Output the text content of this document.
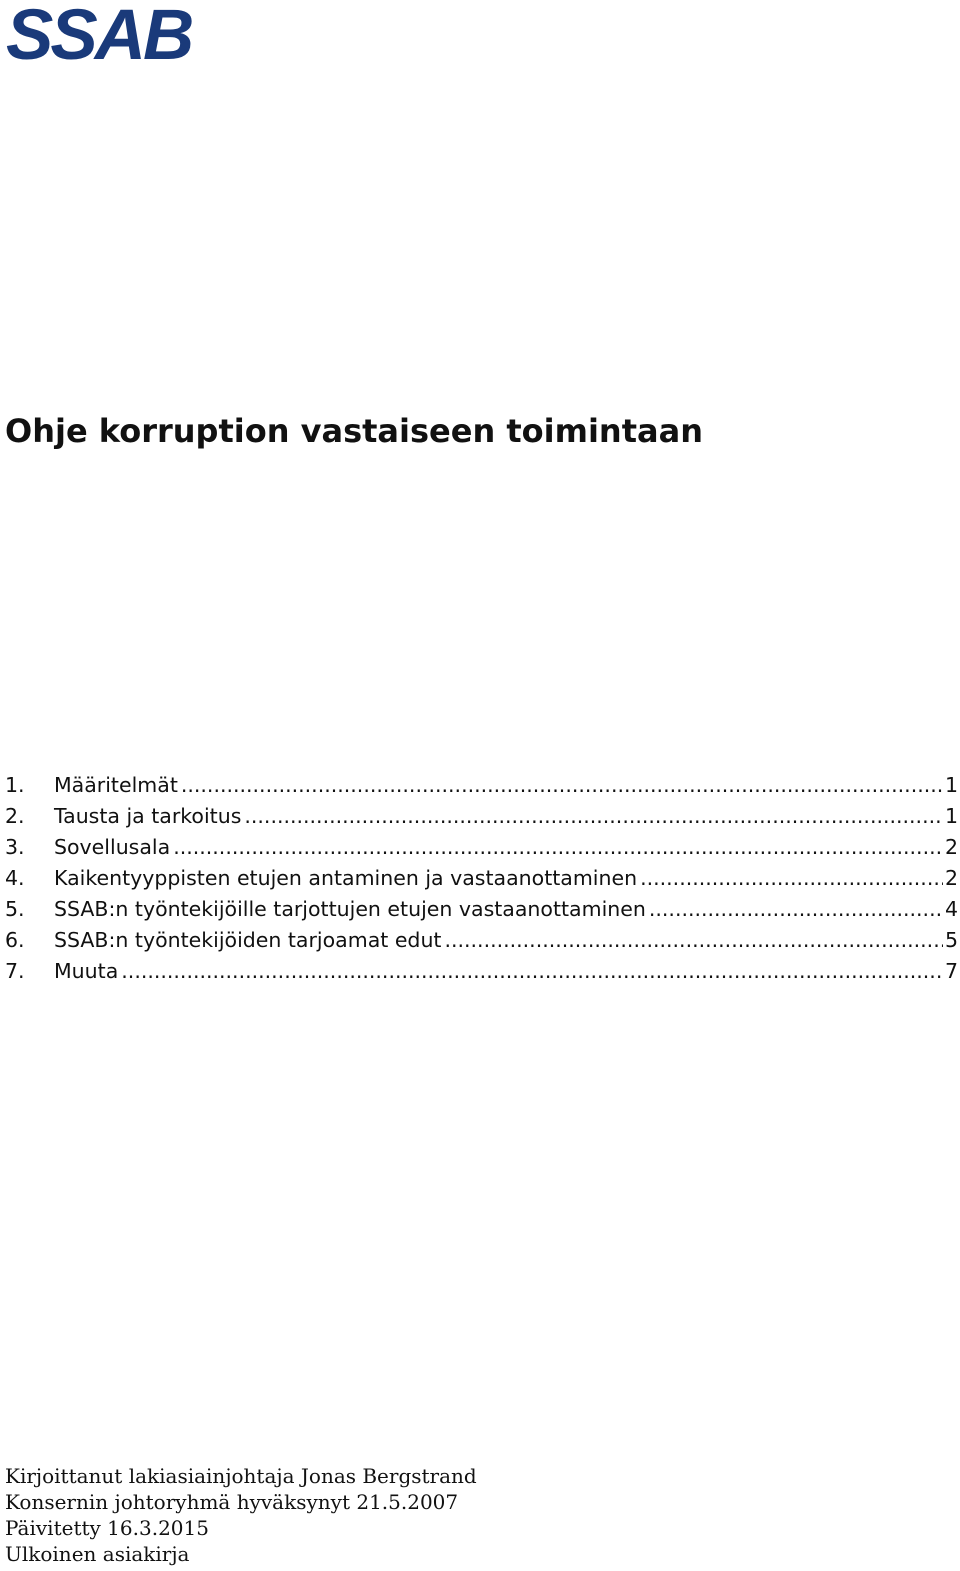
SSAB
Ohje korruption vastaiseen toimintaan
1.	Määritelmät .....	1
2.	Tausta ja tarkoitus .....	1
3.	Sovellusala .....	2
4.	Kaikentyyppisten etujen antaminen ja vastaanottaminen .....	2
5.	SSAB:n työntekijöille tarjottujen etujen vastaanottaminen .....	4
6.	SSAB:n työntekijöiden tarjoamat edut .....	5
7.	Muuta .....	7
Kirjoittanut lakiasiainjohtaja Jonas Bergstrand
Konsernin johtoryhmä hyväksynyt 21.5.2007
Päivitetty 16.3.2015
Ulkoinen asiakirja
